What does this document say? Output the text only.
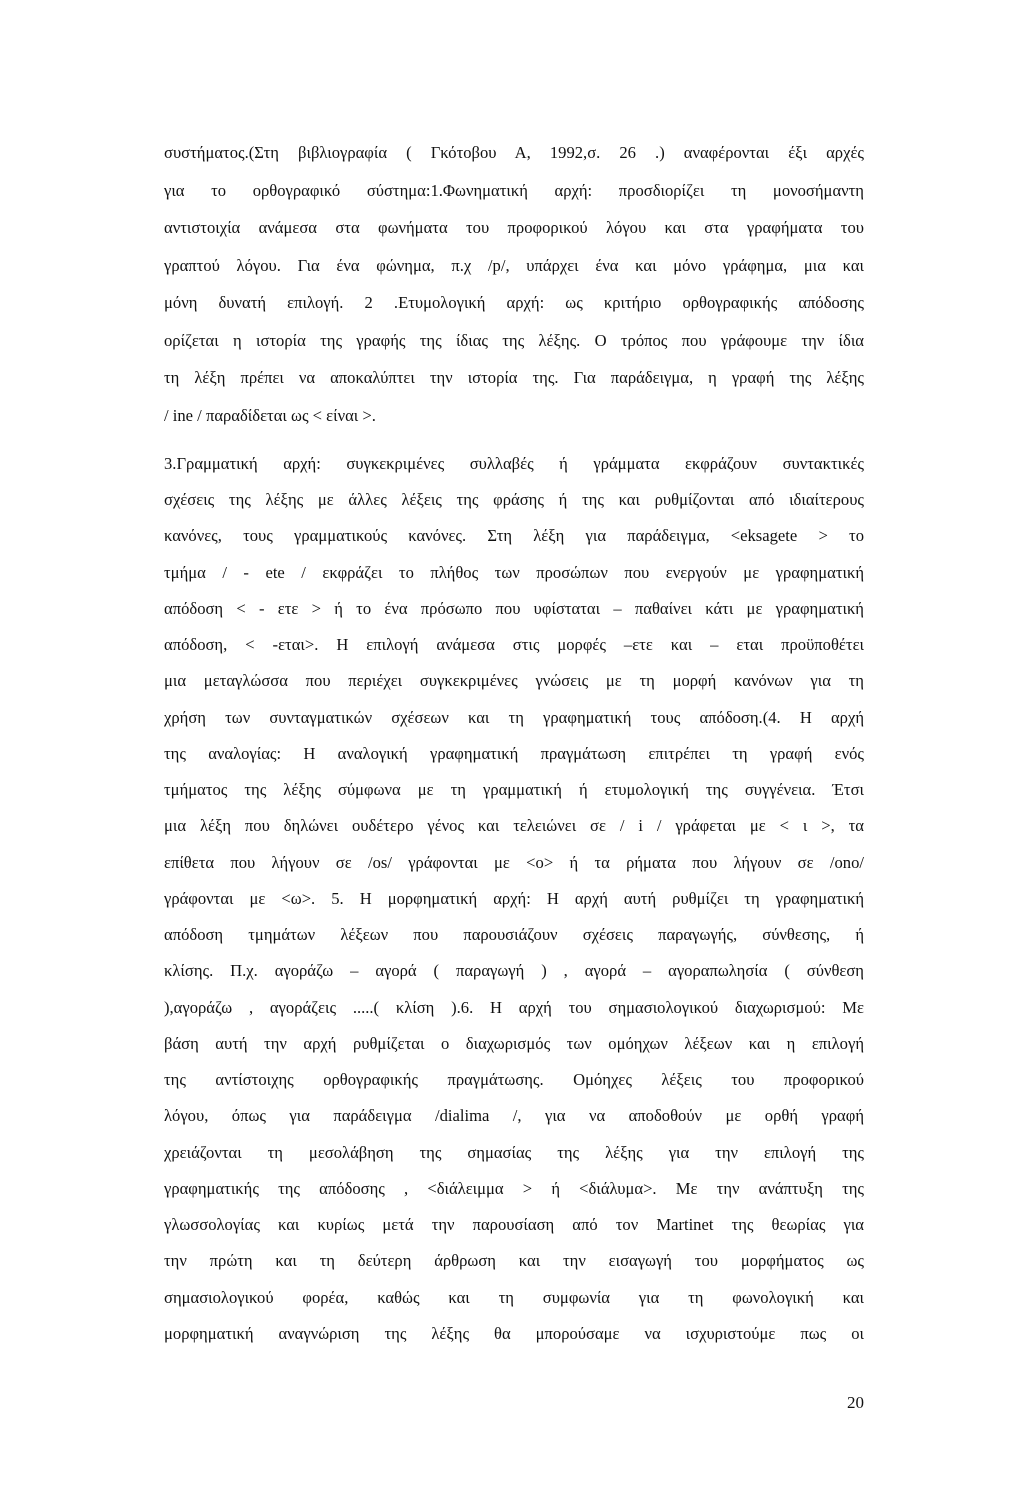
συστήματος.(Στη βιβλιογραφία ( Γκότοβου Α, 1992,σ. 26 .) αναφέρονται έξι αρχές
για το ορθογραφικό σύστημα:1.Φωνηματική αρχή: προσδιορίζει τη μονοσήμαντη
αντιστοιχία ανάμεσα στα φωνήματα του προφορικού λόγου και στα γραφήματα του
γραπτού λόγου. Για ένα φώνημα, π.χ /p/, υπάρχει ένα και μόνο γράφημα, μια και
μόνη δυνατή επιλογή. 2 .Ετυμολογική αρχή: ως κριτήριο ορθογραφικής απόδοσης
ορίζεται η ιστορία της γραφής της ίδιας της λέξης. Ο τρόπος που γράφουμε την ίδια
τη λέξη πρέπει να αποκαλύπτει την ιστορία της. Για παράδειγμα, η γραφή της λέξης
/ ine / παραδίδεται ως < είναι >.
3.Γραμματική αρχή: συγκεκριμένες συλλαβές ή γράμματα εκφράζουν συντακτικές
σχέσεις της λέξης με άλλες λέξεις της φράσης ή της και ρυθμίζονται από ιδιαίτερους
κανόνες, τους γραμματικούς κανόνες. Στη λέξη για παράδειγμα, <eksagete > το
τμήμα / - ete / εκφράζει το πλήθος των προσώπων που ενεργούν με γραφηματική
απόδοση < - ετε > ή το ένα πρόσωπο που υφίσταται – παθαίνει κάτι με γραφηματική
απόδοση, < -εται>. Η επιλογή ανάμεσα στις μορφές –ετε και – εται προϋποθέτει
μια μεταγλώσσα που περιέχει συγκεκριμένες γνώσεις με τη μορφή κανόνων για τη
χρήση των συνταγματικών σχέσεων και τη γραφηματική τους απόδοση.(4. Η αρχή
της αναλογίας: Η αναλογική γραφηματική πραγμάτωση επιτρέπει τη γραφή ενός
τμήματος της λέξης σύμφωνα με τη γραμματική ή ετυμολογική της συγγένεια. Έτσι
μια λέξη που δηλώνει ουδέτερο γένος και τελειώνει σε / i / γράφεται με < ι >, τα
επίθετα που λήγουν σε /os/ γράφονται με <ο> ή τα ρήματα που λήγουν σε /ono/
γράφονται με <ω>. 5. Η μορφηματική αρχή: Η αρχή αυτή ρυθμίζει τη γραφηματική
απόδοση τμημάτων λέξεων που παρουσιάζουν σχέσεις παραγωγής, σύνθεσης, ή
κλίσης. Π.χ. αγοράζω – αγορά ( παραγωγή ) , αγορά – αγοραπωλησία ( σύνθεση
),αγοράζω , αγοράζεις .....( κλίση ).6. Η αρχή του σημασιολογικού διαχωρισμού: Με
βάση αυτή την αρχή ρυθμίζεται ο διαχωρισμός των ομόηχων λέξεων και η επιλογή
της αντίστοιχης ορθογραφικής πραγμάτωσης. Ομόηχες λέξεις του προφορικού
λόγου, όπως για παράδειγμα /dialima /, για να αποδοθούν με ορθή γραφή
χρειάζονται τη μεσολάβηση της σημασίας της λέξης για την επιλογή της
γραφηματικής της απόδοσης , <διάλειμμα > ή <διάλυμα>. Με την ανάπτυξη της
γλωσσολογίας και κυρίως μετά την παρουσίαση από τον Martinet της θεωρίας για
την πρώτη και τη δεύτερη άρθρωση και την εισαγωγή του μορφήματος ως
σημασιολογικού φορέα, καθώς και τη συμφωνία για τη φωνολογική και
μορφηματική αναγνώριση της λέξης θα μπορούσαμε να ισχυριστούμε πως οι
20
